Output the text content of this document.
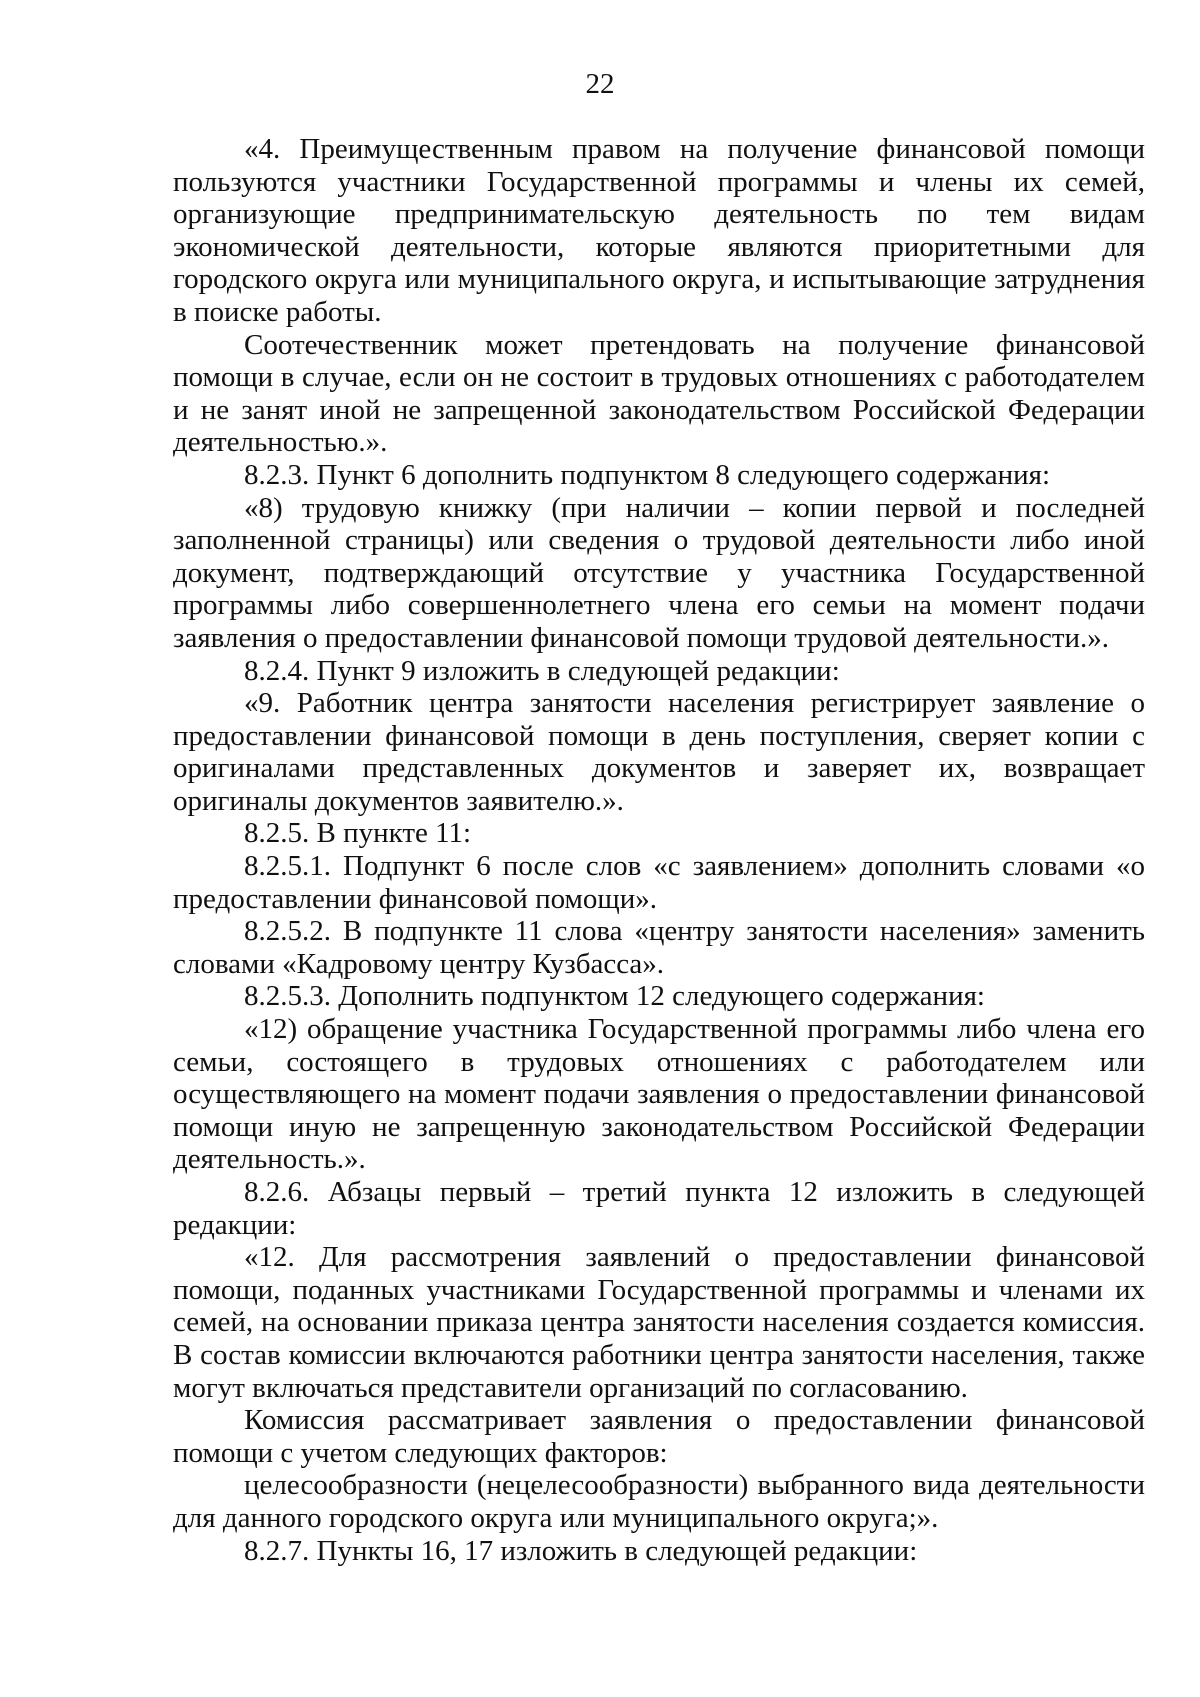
22

«4. Преимущественным правом на получение финансовой помощи пользуются участники Государственной программы и члены их семей, организующие предпринимательскую деятельность по тем видам экономической деятельности, которые являются приоритетными для городского округа или муниципального округа, и испытывающие затруднения в поиске работы.

Соотечественник может претендовать на получение финансовой помощи в случае, если он не состоит в трудовых отношениях с работодателем и не занят иной не запрещенной законодательством Российской Федерации деятельностью.».

8.2.3. Пункт 6 дополнить подпунктом 8 следующего содержания:

«8) трудовую книжку (при наличии – копии первой и последней заполненной страницы) или сведения о трудовой деятельности либо иной документ, подтверждающий отсутствие у участника Государственной программы либо совершеннолетнего члена его семьи на момент подачи заявления о предоставлении финансовой помощи трудовой деятельности.».

8.2.4. Пункт 9 изложить в следующей редакции:

«9. Работник центра занятости населения регистрирует заявление о предоставлении финансовой помощи в день поступления, сверяет копии с оригиналами представленных документов и заверяет их, возвращает оригиналы документов заявителю.».

8.2.5. В пункте 11:

8.2.5.1. Подпункт 6 после слов «с заявлением» дополнить словами «о предоставлении финансовой помощи».

8.2.5.2. В подпункте 11 слова «центру занятости населения» заменить словами «Кадровому центру Кузбасса».

8.2.5.3. Дополнить подпунктом 12 следующего содержания:

«12) обращение участника Государственной программы либо члена его семьи, состоящего в трудовых отношениях с работодателем или осуществляющего на момент подачи заявления о предоставлении финансовой помощи иную не запрещенную законодательством Российской Федерации деятельность.».

8.2.6. Абзацы первый – третий пункта 12 изложить в следующей редакции:

«12. Для рассмотрения заявлений о предоставлении финансовой помощи, поданных участниками Государственной программы и членами их семей, на основании приказа центра занятости населения создается комиссия. В состав комиссии включаются работники центра занятости населения, также могут включаться представители организаций по согласованию.

Комиссия рассматривает заявления о предоставлении финансовой помощи с учетом следующих факторов:

целесообразности (нецелесообразности) выбранного вида деятельности для данного городского округа или муниципального округа;».

8.2.7. Пункты 16, 17 изложить в следующей редакции:
